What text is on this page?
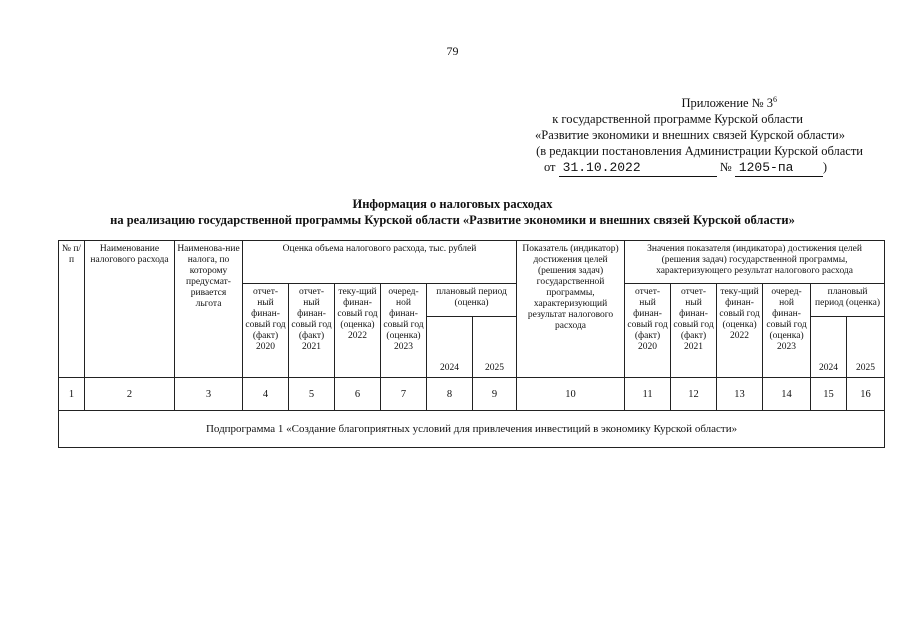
79
Приложение № $3^6$
к государственной программе Курской области
«Развитие экономики и внешних связей Курской области»
(в редакции постановления Администрации Курской области
от 31.10.2022	№ 1205-па )
Информация о налоговых расходах
на реализацию государственной программы Курской области «Развитие экономики и внешних связей Курской области»
№ п/п	Наименование налогового расхода	Наименова-ние налога, по которому предусмат-ривается льгота	Оценка объема налогового расхода, тыс. рублей						Показатель (индикатор) достижения целей (решения задач) государственной программы, характеризующий результат налогового расхода	Значения показателя (индикатора) достижения целей (решения задач) государственной программы, характеризующего результат налогового расхода					
			отчет-ный финан-совый год (факт) 2020	отчет-ный финан-совый год (факт) 2021	теку-щий финан-совый год (оценка) 2022	очеред-ной финан-совый год (оценка) 2023	плановый период (оценка)			отчет-ный финан-совый год (факт) 2020	отчет-ный финан-совый год (факт) 2021	теку-щий финан-совый год (оценка) 2022	очеред-ной финан-совый год (оценка) 2023	плановый период (оценка)	
							2024	2025						2024	2025
1	2	3	4	5	6	7	8	9	10	11	12	13	14	15	16
Подпрограмма 1 «Создание благоприятных условий для привлечения инвестиций в экономику Курской области»															
